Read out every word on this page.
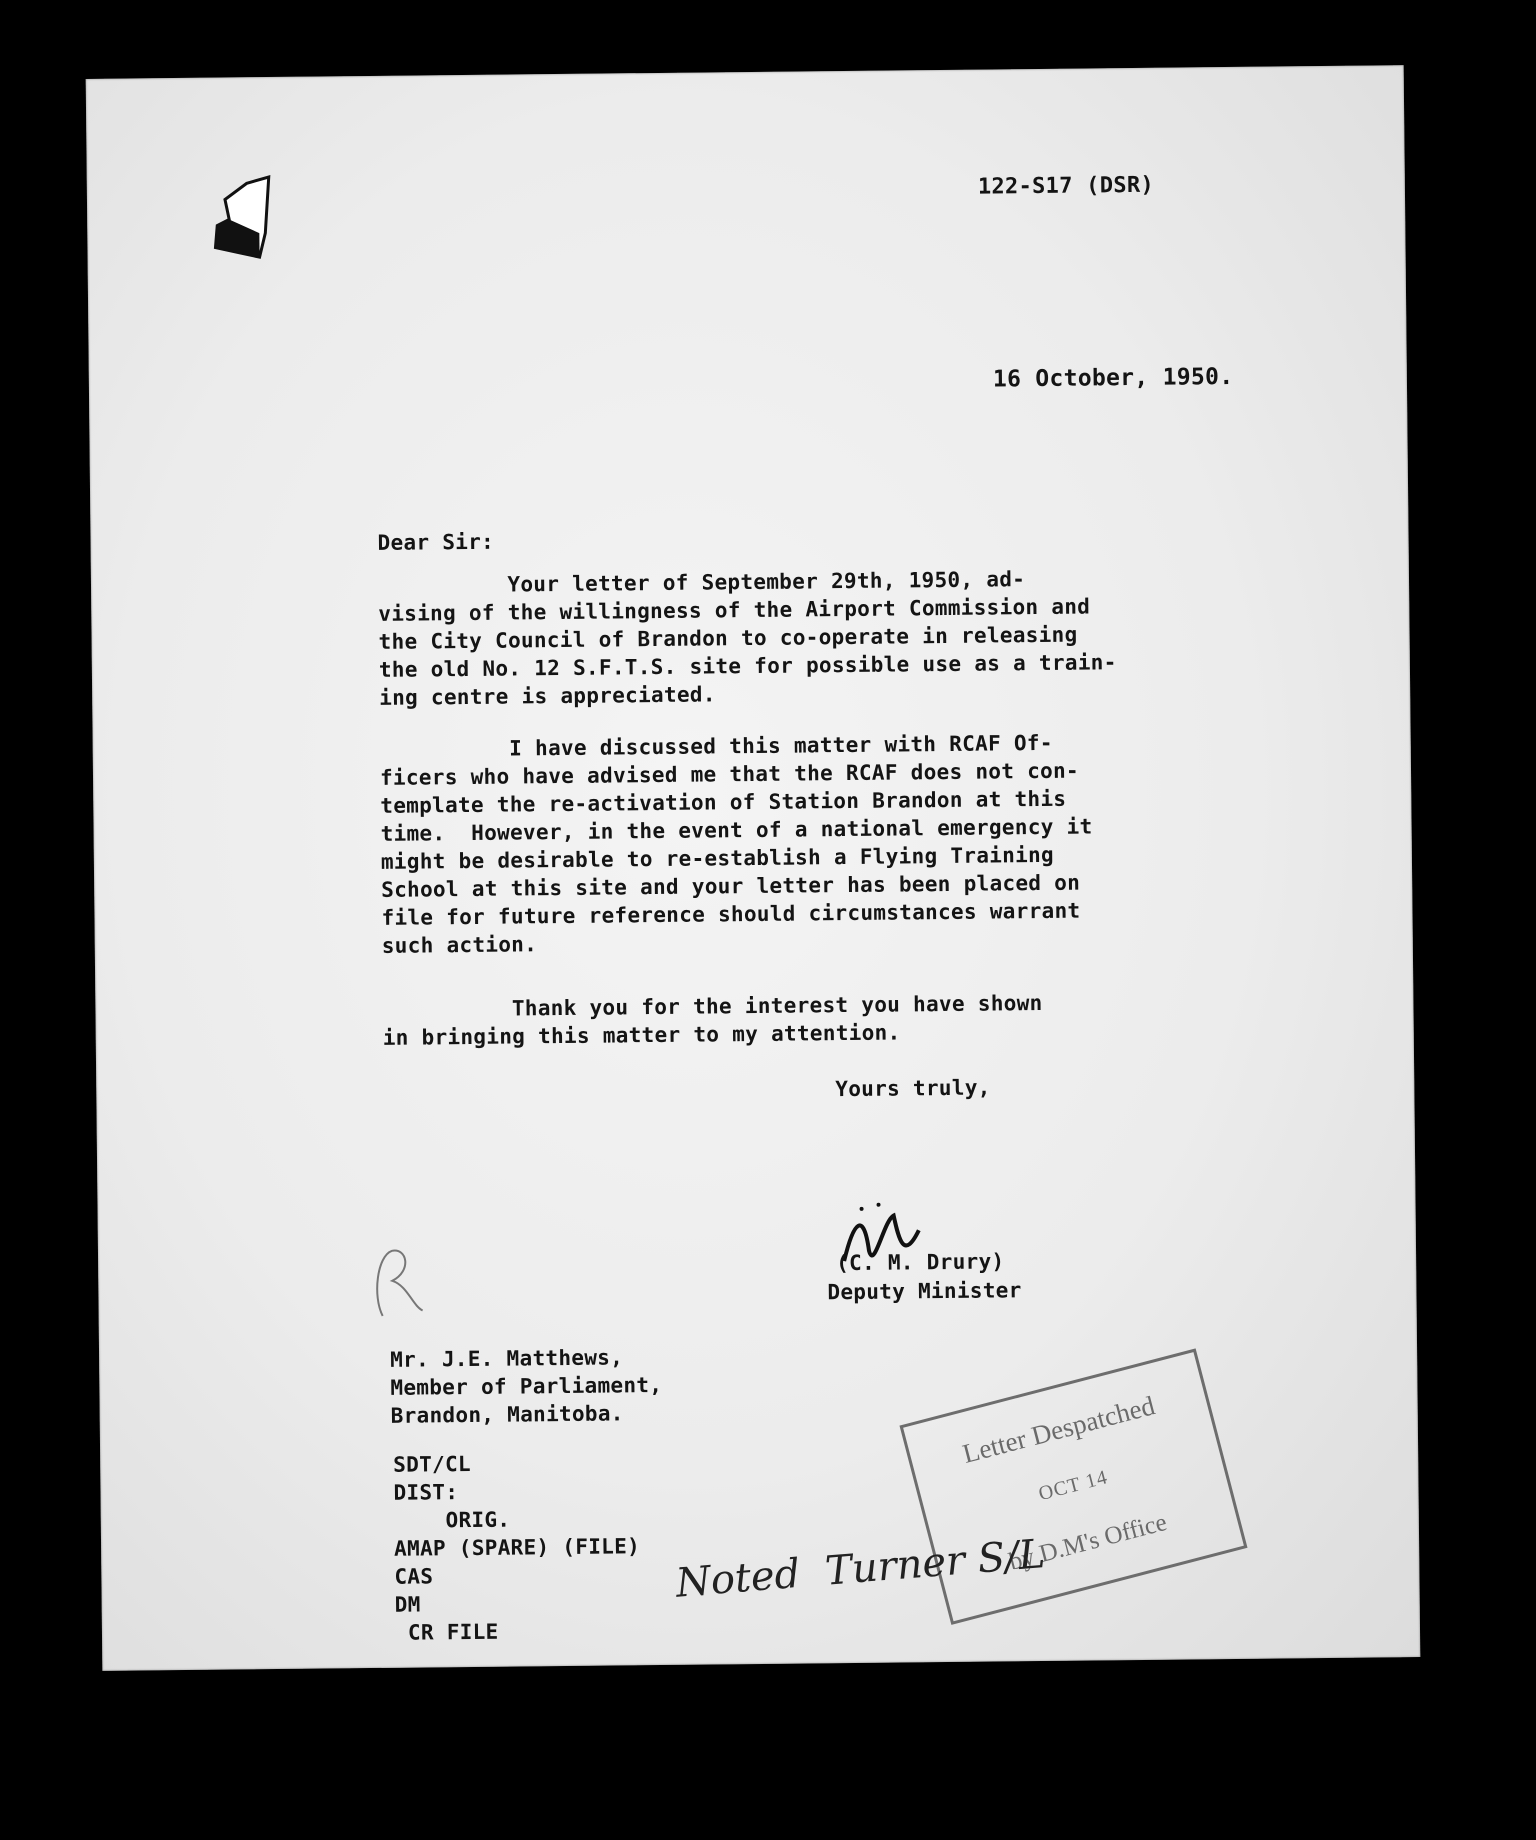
122-S17 (DSR)
16 October, 1950.
Dear Sir:
Your letter of September 29th, 1950, ad-
vising of the willingness of the Airport Commission and
the City Council of Brandon to co-operate in releasing
the old No. 12 S.F.T.S. site for possible use as a train-
ing centre is appreciated.
I have discussed this matter with RCAF Of-
ficers who have advised me that the RCAF does not con-
template the re-activation of Station Brandon at this
time.  However, in the event of a national emergency it
might be desirable to re-establish a Flying Training
School at this site and your letter has been placed on
file for future reference should circumstances warrant
such action.
Thank you for the interest you have shown
in bringing this matter to my attention.
Yours truly,
(C. M. Drury)
Deputy Minister
Mr. J.E. Matthews,
Member of Parliament,
Brandon, Manitoba.
SDT/CL
DIST:
ORIG.
AMAP (SPARE) (FILE)
CAS
DM
CR FILE
Letter Despatched
OCT 14
by D.M's Office
Noted  Turner S/L
